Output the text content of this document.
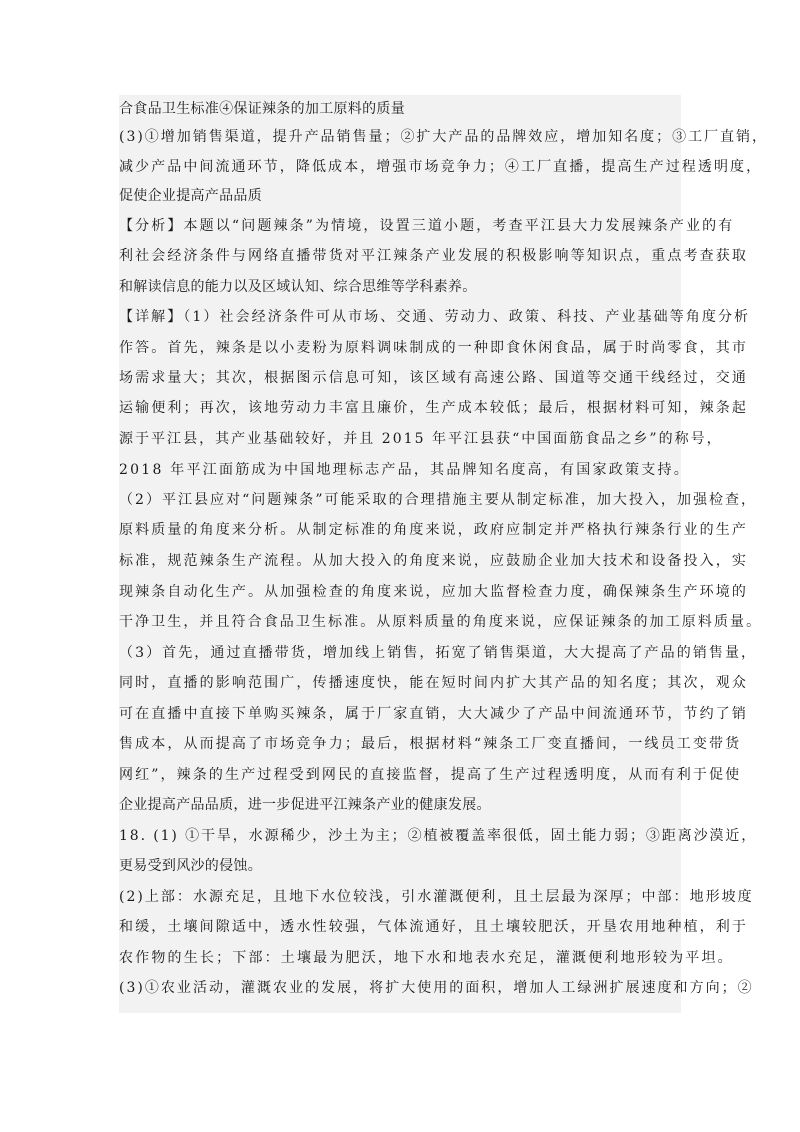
合食品卫生标准④保证辣条的加工原料的质量
(3)①增加销售渠道，提升产品销售量；②扩大产品的品牌效应，增加知名度；③工厂直销，
减少产品中间流通环节，降低成本，增强市场竞争力；④工厂直播，提高生产过程透明度，
促使企业提高产品品质
【分析】本题以“问题辣条”为情境，设置三道小题，考查平江县大力发展辣条产业的有
利社会经济条件与网络直播带货对平江辣条产业发展的积极影响等知识点，重点考查获取
和解读信息的能力以及区域认知、综合思维等学科素养。
【详解】（1）社会经济条件可从市场、交通、劳动力、政策、科技、产业基础等角度分析
作答。首先，辣条是以小麦粉为原料调味制成的一种即食休闲食品，属于时尚零食，其市
场需求量大；其次，根据图示信息可知，该区域有高速公路、国道等交通干线经过，交通
运输便利；再次，该地劳动力丰富且廉价，生产成本较低；最后，根据材料可知，辣条起
源于平江县，其产业基础较好，并且 2015 年平江县获“中国面筋食品之乡”的称号，
2018 年平江面筋成为中国地理标志产品，其品牌知名度高，有国家政策支持。
（2）平江县应对“问题辣条”可能采取的合理措施主要从制定标准，加大投入，加强检查，
原料质量的角度来分析。从制定标准的角度来说，政府应制定并严格执行辣条行业的生产
标准，规范辣条生产流程。从加大投入的角度来说，应鼓励企业加大技术和设备投入，实
现辣条自动化生产。从加强检查的角度来说，应加大监督检查力度，确保辣条生产环境的
干净卫生，并且符合食品卫生标准。从原料质量的角度来说，应保证辣条的加工原料质量。
（3）首先，通过直播带货，增加线上销售，拓宽了销售渠道，大大提高了产品的销售量，
同时，直播的影响范围广，传播速度快，能在短时间内扩大其产品的知名度；其次，观众
可在直播中直接下单购买辣条，属于厂家直销，大大减少了产品中间流通环节，节约了销
售成本，从而提高了市场竞争力；最后，根据材料“辣条工厂变直播间，一线员工变带货
网红”，辣条的生产过程受到网民的直接监督，提高了生产过程透明度，从而有利于促使
企业提高产品品质，进一步促进平江辣条产业的健康发展。
18. (1) ①干旱，水源稀少，沙土为主；②植被覆盖率很低，固土能力弱；③距离沙漠近，
更易受到风沙的侵蚀。
(2)上部：水源充足，且地下水位较浅，引水灌溉便利，且土层最为深厚；中部：地形坡度
和缓，土壤间隙适中，透水性较强，气体流通好，且土壤较肥沃，开垦农用地种植，利于
农作物的生长；下部：土壤最为肥沃，地下水和地表水充足，灌溉便利地形较为平坦。
(3)①农业活动，灌溉农业的发展，将扩大使用的面积，增加人工绿洲扩展速度和方向；②
